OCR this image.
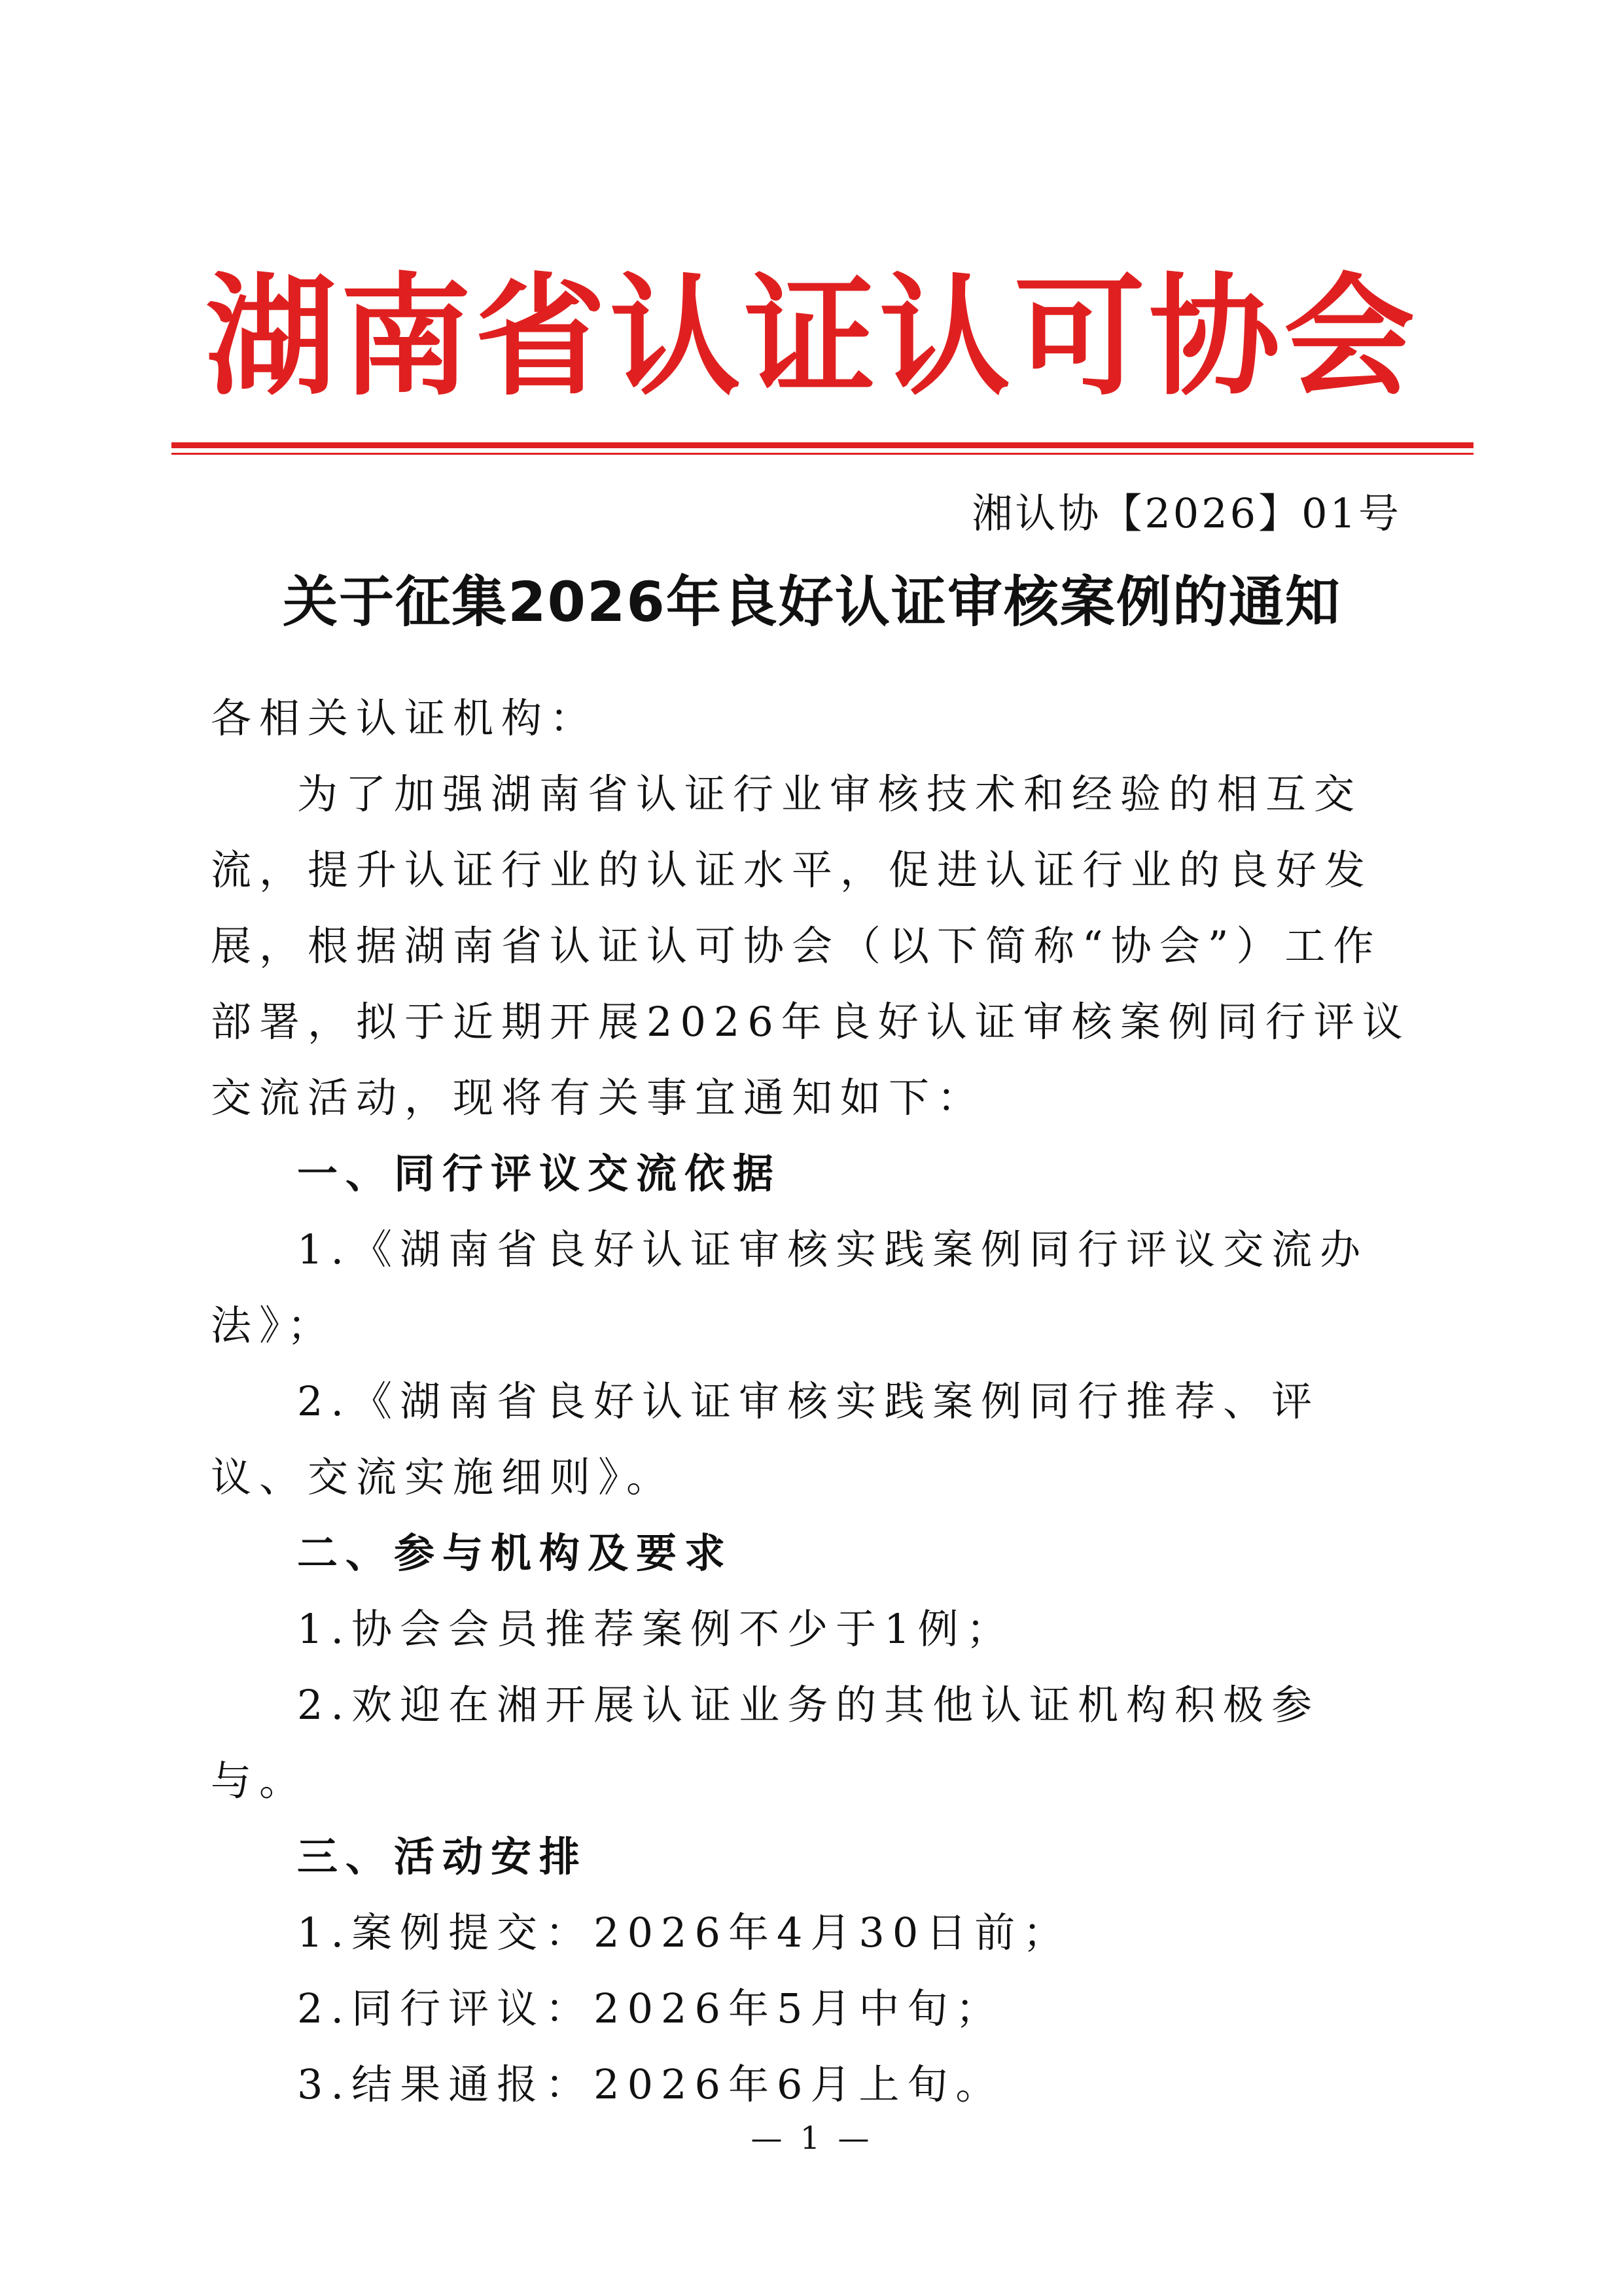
湖南省认证认可协会
湘认协【2026】01号
关于征集2026年良好认证审核案例的通知

各相关认证机构：

为了加强湖南省认证行业审核技术和经验的相互交流，提升认证行业的认证水平，促进认证行业的良好发展，根据湖南省认证认可协会（以下简称“协会”）工作部署，拟于近期开展2026年良好认证审核案例同行评议交流活动，现将有关事宜通知如下：

一、同行评议交流依据

1.《湖南省良好认证审核实践案例同行评议交流办法》；

2.《湖南省良好认证审核实践案例同行推荐、评议、交流实施细则》。

二、参与机构及要求

1.协会会员推荐案例不少于1例；

2.欢迎在湘开展认证业务的其他认证机构积极参与。

三、活动安排

1.案例提交：2026年4月30日前；

2.同行评议：2026年5月中旬；

3.结果通报：2026年6月上旬。

— 1 —
